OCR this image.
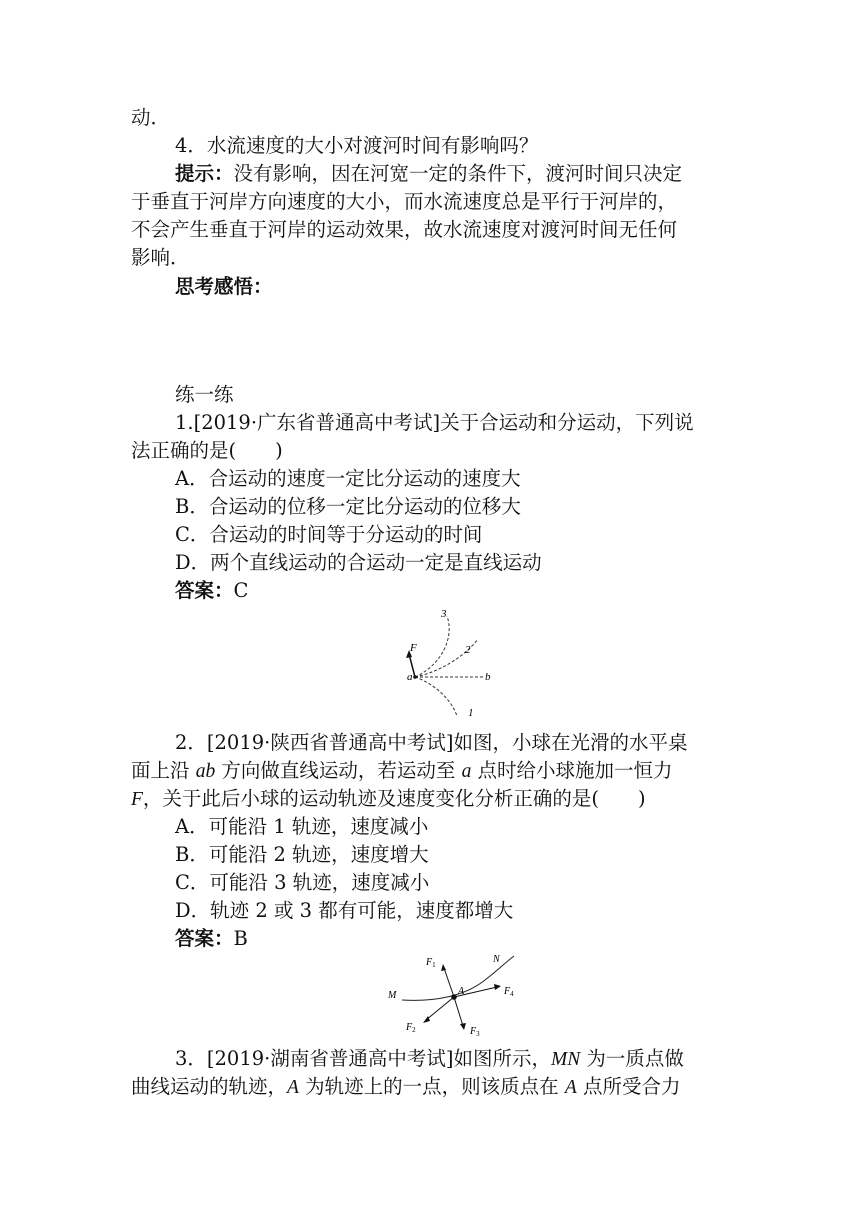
动．
4．水流速度的大小对渡河时间有影响吗？
提示：没有影响，因在河宽一定的条件下，渡河时间只决定
于垂直于河岸方向速度的大小，而水流速度总是平行于河岸的，
不会产生垂直于河岸的运动效果，故水流速度对渡河时间无任何
影响．
思考感悟：
练一练
1.[2019·广东省普通高中考试]关于合运动和分运动，下列说
法正确的是(　　)
A．合运动的速度一定比分运动的速度大
B．合运动的位移一定比分运动的位移大
C．合运动的时间等于分运动的时间
D．两个直线运动的合运动一定是直线运动
答案：C
3
2
1
F
a	b
2．[2019·陕西省普通高中考试]如图，小球在光滑的水平桌
面上沿 ab 方向做直线运动，若运动至 a 点时给小球施加一恒力
F，关于此后小球的运动轨迹及速度变化分析正确的是(　　)
A．可能沿 1 轨迹，速度减小
B．可能沿 2 轨迹，速度增大
C．可能沿 3 轨迹，速度减小
D．轨迹 2 或 3 都有可能，速度都增大
答案：B
$F_1$
$F_2$	$F_3$
$F_4$
N
M	A
3．[2019·湖南省普通高中考试]如图所示，MN 为一质点做
曲线运动的轨迹，A 为轨迹上的一点，则该质点在 A 点所受合力
